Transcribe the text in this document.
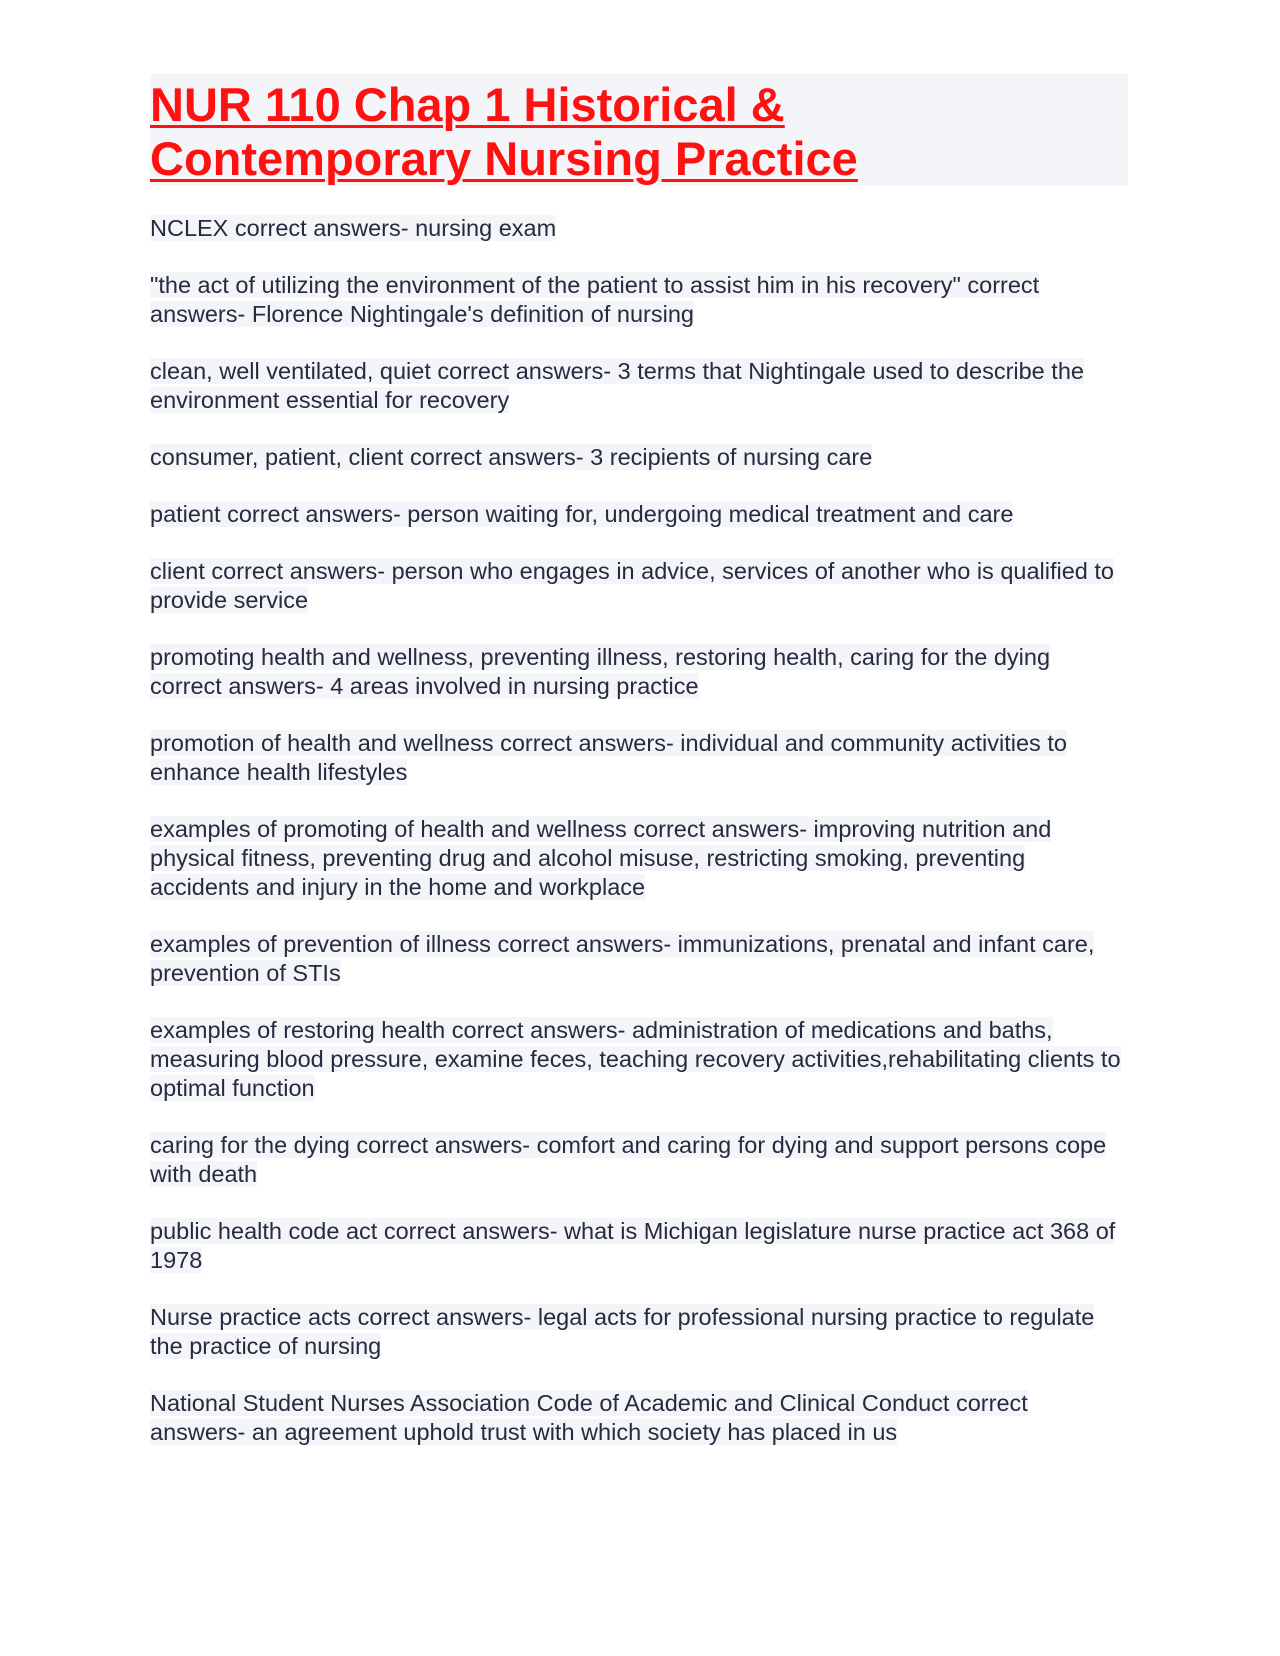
NUR 110 Chap 1 Historical &
Contemporary Nursing Practice

NCLEX correct answers- nursing exam

"the act of utilizing the environment of the patient to assist him in his recovery" correct answers- Florence Nightingale's definition of nursing

clean, well ventilated, quiet correct answers- 3 terms that Nightingale used to describe the environment essential for recovery

consumer, patient, client correct answers- 3 recipients of nursing care

patient correct answers- person waiting for, undergoing medical treatment and care

client correct answers- person who engages in advice, services of another who is qualified to provide service

promoting health and wellness, preventing illness, restoring health, caring for the dying correct answers- 4 areas involved in nursing practice

promotion of health and wellness correct answers- individual and community activities to enhance health lifestyles

examples of promoting of health and wellness correct answers- improving nutrition and physical fitness, preventing drug and alcohol misuse, restricting smoking, preventing accidents and injury in the home and workplace

examples of prevention of illness correct answers- immunizations, prenatal and infant care, prevention of STIs

examples of restoring health correct answers- administration of medications and baths, measuring blood pressure, examine feces, teaching recovery activities,rehabilitating clients to optimal function

caring for the dying correct answers- comfort and caring for dying and support persons cope with death

public health code act correct answers- what is Michigan legislature nurse practice act 368 of 1978

Nurse practice acts correct answers- legal acts for professional nursing practice to regulate the practice of nursing

National Student Nurses Association Code of Academic and Clinical Conduct correct answers- an agreement uphold trust with which society has placed in us
